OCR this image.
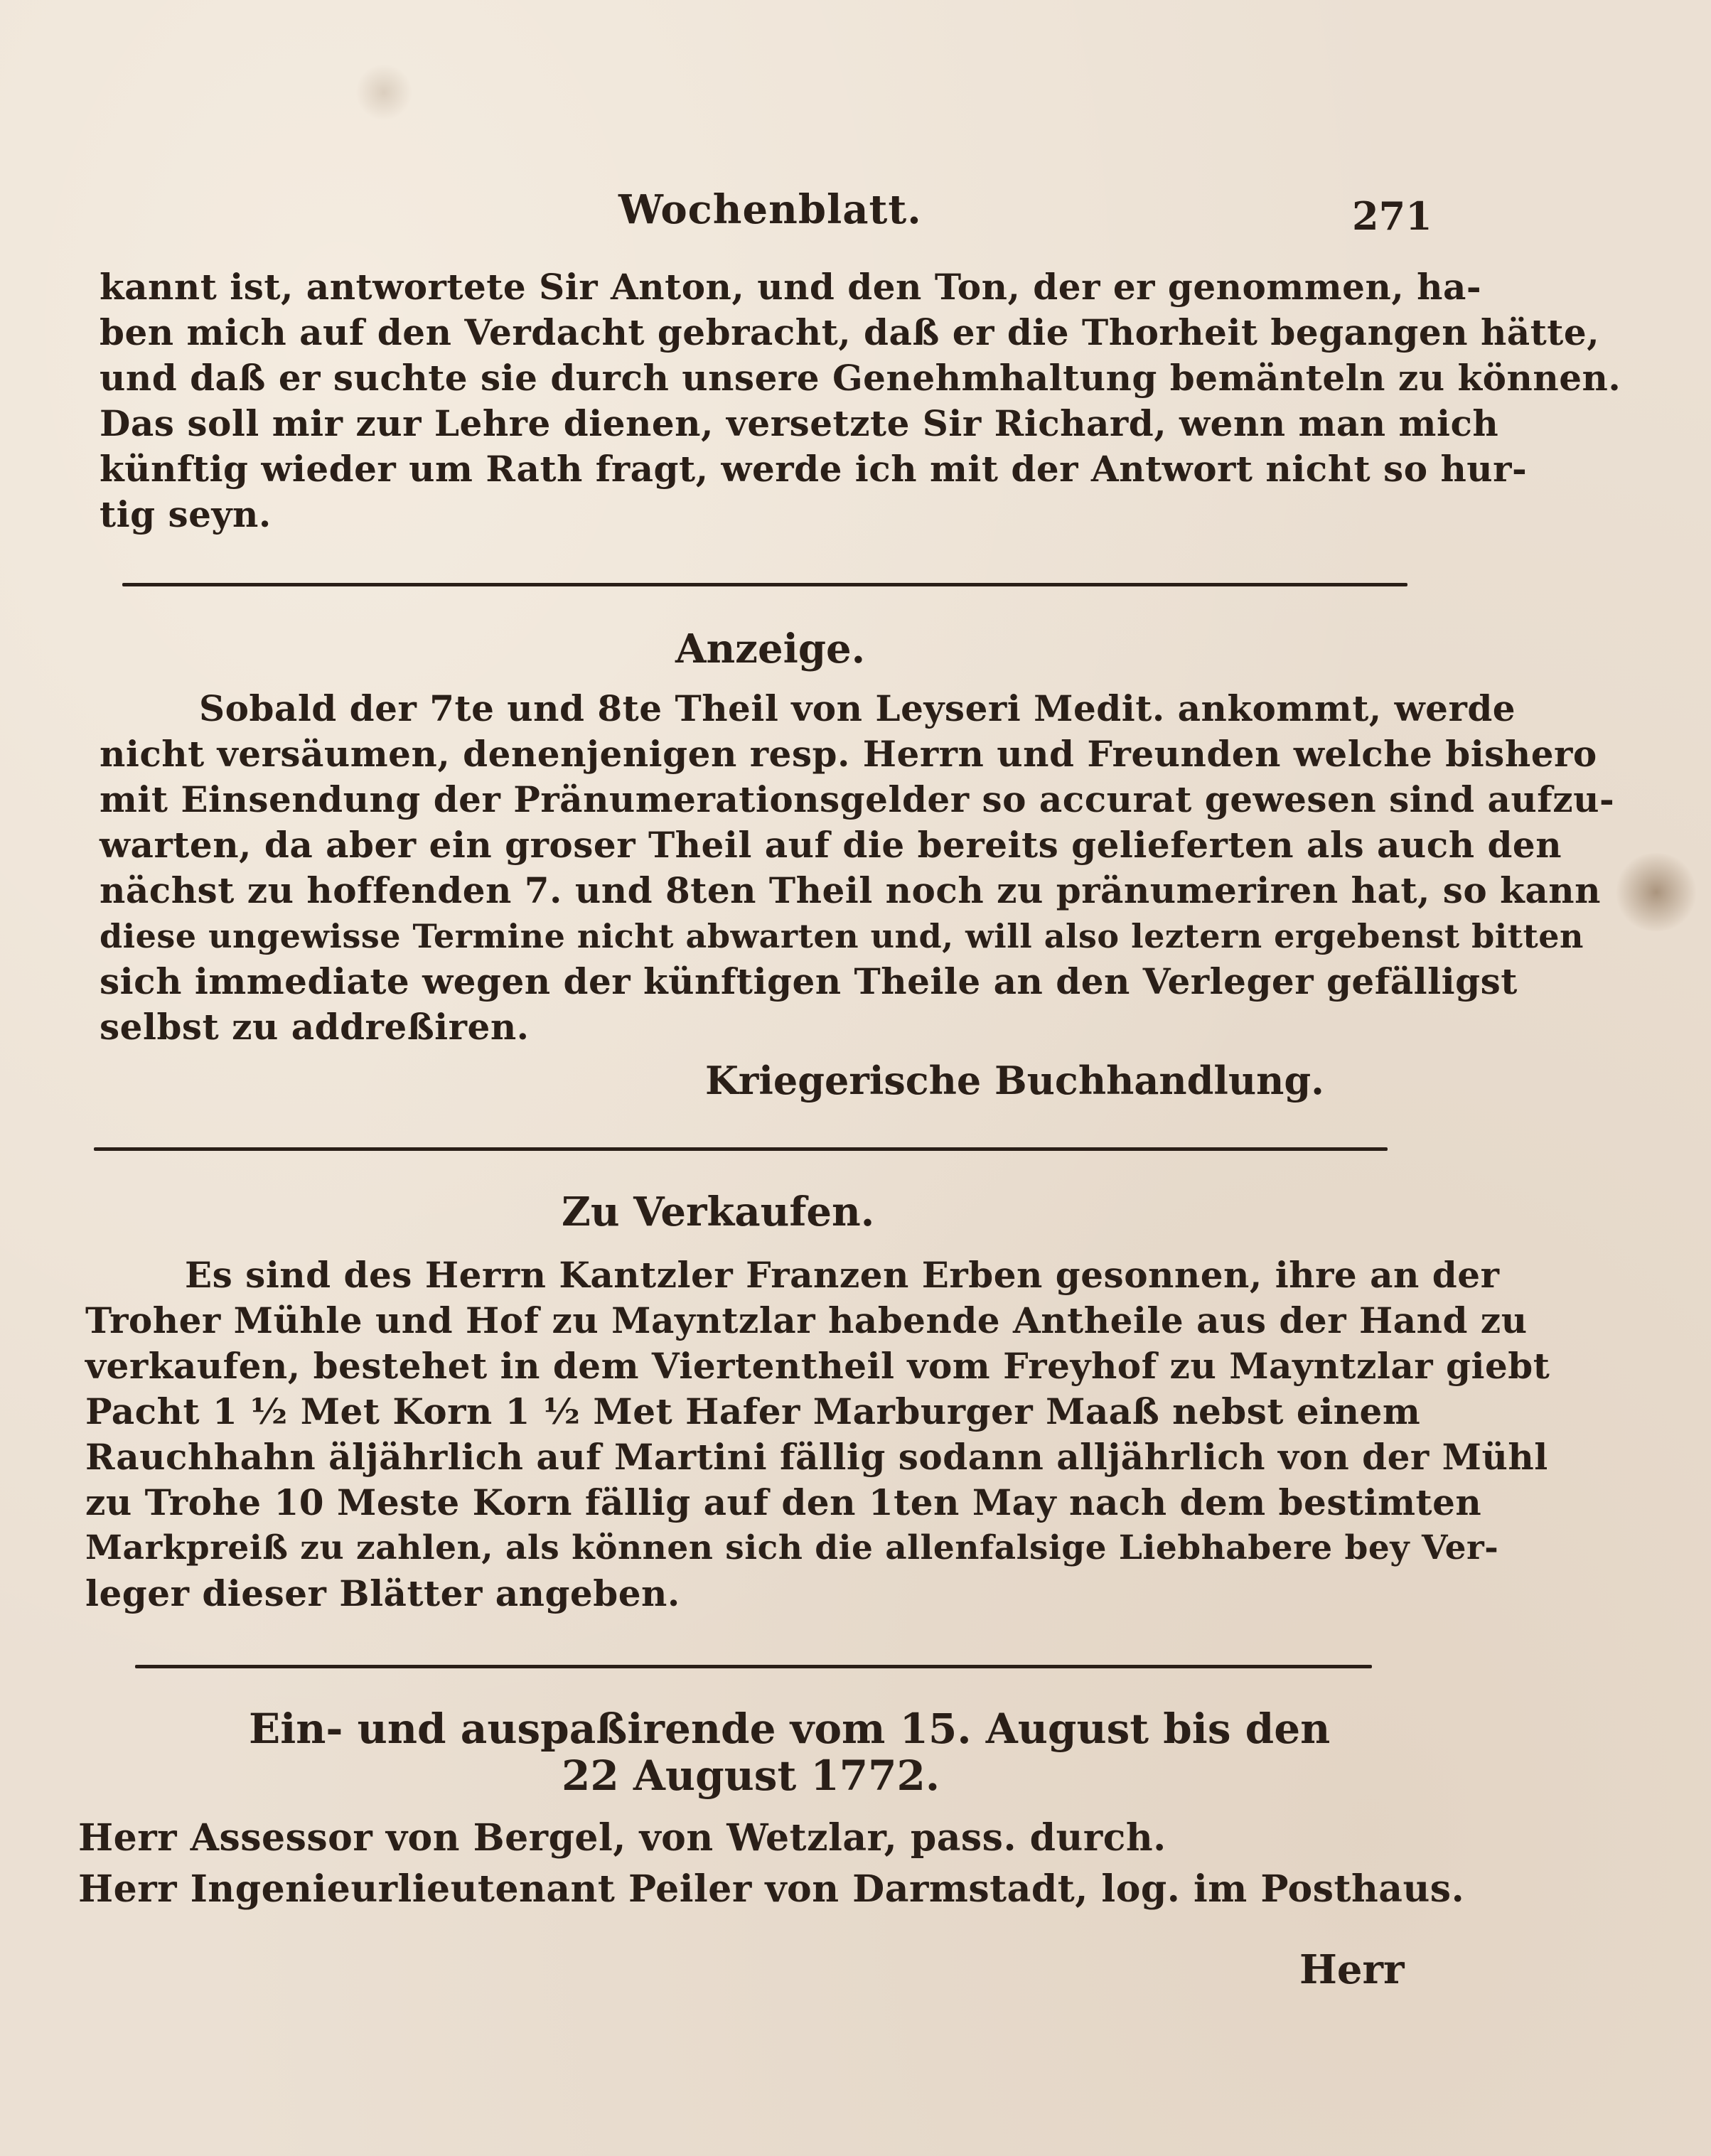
Wochenblatt.	271
kannt ist, antwortete Sir Anton, und den Ton, der er genommen, ha-
ben mich auf den Verdacht gebracht, daß er die Thorheit begangen hätte,
und daß er suchte sie durch unsere Genehmhaltung bemänteln zu können.
Das soll mir zur Lehre dienen, versetzte Sir Richard, wenn man mich
künftig wieder um Rath fragt, werde ich mit der Antwort nicht so hur-
tig seyn.
Anzeige.
Sobald der 7te und 8te Theil von Leyseri Medit. ankommt, werde
nicht versäumen, denenjenigen resp. Herrn und Freunden welche bishero
mit Einsendung der Pränumerationsgelder so accurat gewesen sind aufzu-
warten, da aber ein groser Theil auf die bereits gelieferten als auch den
nächst zu hoffenden 7. und 8ten Theil noch zu pränumeriren hat, so kann
diese ungewisse Termine nicht abwarten und, will also leztern ergebenst bitten
sich immediate wegen der künftigen Theile an den Verleger gefälligst
selbst zu addreßiren.
Kriegerische Buchhandlung.
Zu Verkaufen.
Es sind des Herrn Kantzler Franzen Erben gesonnen, ihre an der
Troher Mühle und Hof zu Mayntzlar habende Antheile aus der Hand zu
verkaufen, bestehet in dem Viertentheil vom Freyhof zu Mayntzlar giebt
Pacht 1 ½ Met Korn 1 ½ Met Hafer Marburger Maaß nebst einem
Rauchhahn äljährlich auf Martini fällig sodann alljährlich von der Mühl
zu Trohe 10 Meste Korn fällig auf den 1ten May nach dem bestimten
Markpreiß zu zahlen, als können sich die allenfalsige Liebhabere bey Ver-
leger dieser Blätter angeben.
Ein- und auspaßirende vom 15. August bis den
22 August 1772.
Herr Assessor von Bergel, von Wetzlar, pass. durch.
Herr Ingenieurlieutenant Peiler von Darmstadt, log. im Posthaus.
Herr
